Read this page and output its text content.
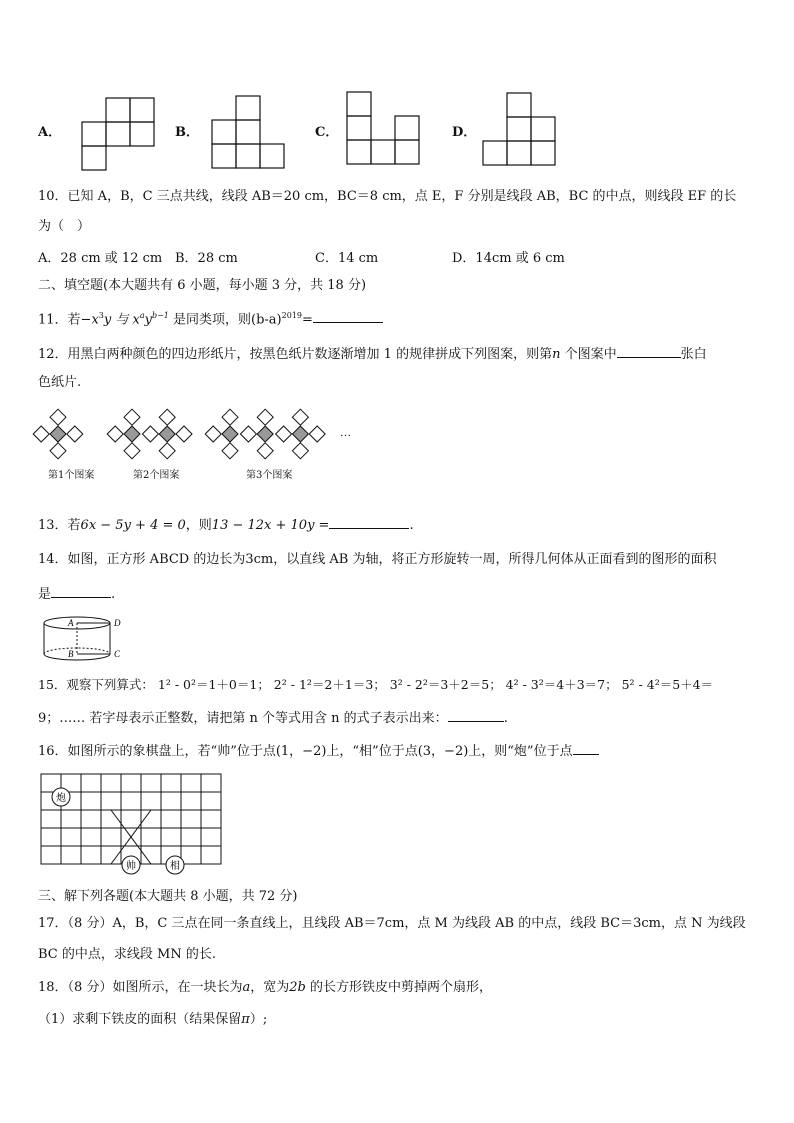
A．	B．	C．	D．
10．已知 A，B，C 三点共线，线段 AB＝20 cm，BC＝8 cm，点 E，F 分别是线段 AB，BC 的中点，则线段 EF 的长
为（　）
A．28 cm 或 12 cm B．28 cm	C．14 cm	D．14cm 或 6 cm
二、填空题(本大题共有 6 小题，每小题 3 分，共 18 分)
11．若$-x^3y$ 与 $x^ay^{b-1}$ 是同类项，则$(b-a)^{2019}=$
12．用黑白两种颜色的四边形纸片，按黑色纸片数逐渐增加 1 的规律拼成下列图案，则第n 个图案中	张白
色纸片.
…
第1个图案	第2个图案	第3个图案
13．若6x − 5y + 4 = 0，则13 − 12x + 10y =	.
14．如图，正方形 ABCD 的边长为3cm，以直线 AB 为轴，将正方形旋转一周，所得几何体从正面看到的图形的面积
是	.
A	D
B	C
15．观察下列算式： 1² - 0²＝1＋0＝1； 2² - 1²＝2＋1＝3； 3² - 2²＝3＋2＝5； 4² - 3²＝4＋3＝7； 5² - 4²＝5＋4＝
9；…… 若字母表示正整数，请把第 n 个等式用含 n 的式子表示出来：	.
16．如图所示的象棋盘上，若“帅”位于点(1，−2)上，“相”位于点(3，−2)上，则“炮”位于点
炮
帅	相
三、解下列各题(本大题共 8 小题，共 72 分)
17．（8 分）A，B，C 三点在同一条直线上，且线段 AB＝7cm，点 M 为线段 AB 的中点，线段 BC＝3cm，点 N 为线段
BC 的中点，求线段 MN 的长.
18．（8 分）如图所示，在一块长为a，宽为2b 的长方形铁皮中剪掉两个扇形，
（1）求剩下铁皮的面积（结果保留π）;
